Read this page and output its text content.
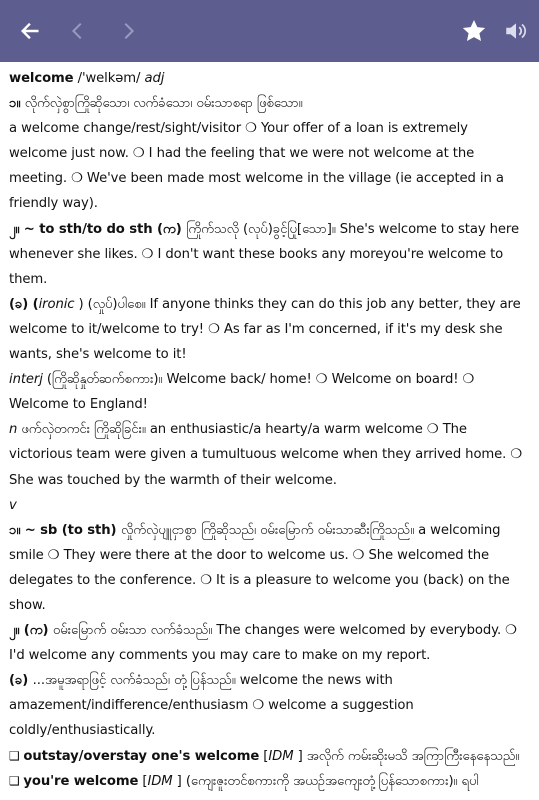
welcome /'welkəm/ adj

၁။ လိုက်လှဲစွာကြိုဆိုသော၊ လက်ခံသော၊ ဝမ်းသာစရာ ဖြစ်သော။

a welcome change/rest/sight/visitor ❍ Your offer of a loan is extremely welcome just now. ❍ I had the feeling that we were not welcome at the meeting. ❍ We've been made most welcome in the village (ie accepted in a friendly way).

၂။ ~ to sth/to do sth (က) ကြိုက်သလို (လုပ်)ခွင့်ပြု[သော]။ She's welcome to stay here whenever she likes. ❍ I don't want these books any moreyou're welcome to them.

(ခ) (ironic ) (လှုပ်)ပါစေ။ If anyone thinks they can do this job any better, they are welcome to it/welcome to try! ❍ As far as I'm concerned, if it's my desk she wants, she's welcome to it!

interj (ကြိုဆိုနှုတ်ဆက်စကား)။ Welcome back/ home! ❍ Welcome on board! ❍ Welcome to England!

n ဖက်လှဲတကင်း ကြိုဆိုခြင်း။ an enthusiastic/a hearty/a warm welcome ❍ The victorious team were given a tumultuous welcome when they arrived home. ❍ She was touched by the warmth of their welcome.

v

၁။ ~ sb (to sth) လှိုက်လှဲပျူငှာစွာ ကြိုဆိုသည်၊ ဝမ်းမြောက် ဝမ်းသာဆီးကြိုသည်။ a welcoming smile ❍ They were there at the door to welcome us. ❍ She welcomed the delegates to the conference. ❍ It is a pleasure to welcome you (back) on the show.

၂။ (က) ဝမ်းမြောက် ဝမ်းသာ လက်ခံသည်။ The changes were welcomed by everybody. ❍ I'd welcome any comments you may care to make on my report.

(ခ) ...အမူအရာဖြင့် လက်ခံသည်၊ တုံ့ပြန်သည်။ welcome the news with amazement/indifference/enthusiasm ❍ welcome a suggestion coldly/enthusiastically.

❑ outstay/overstay one's welcome [IDM ] အလိုက် ကမ်းဆိုးမသိ အကြာကြီးနေနေသည်။

❑ you're welcome [IDM ] (ကျေးဇူးတင်စကားကို အယဉ်အကျေးတုံ့ပြန်သောစကား)။ ရပါ
